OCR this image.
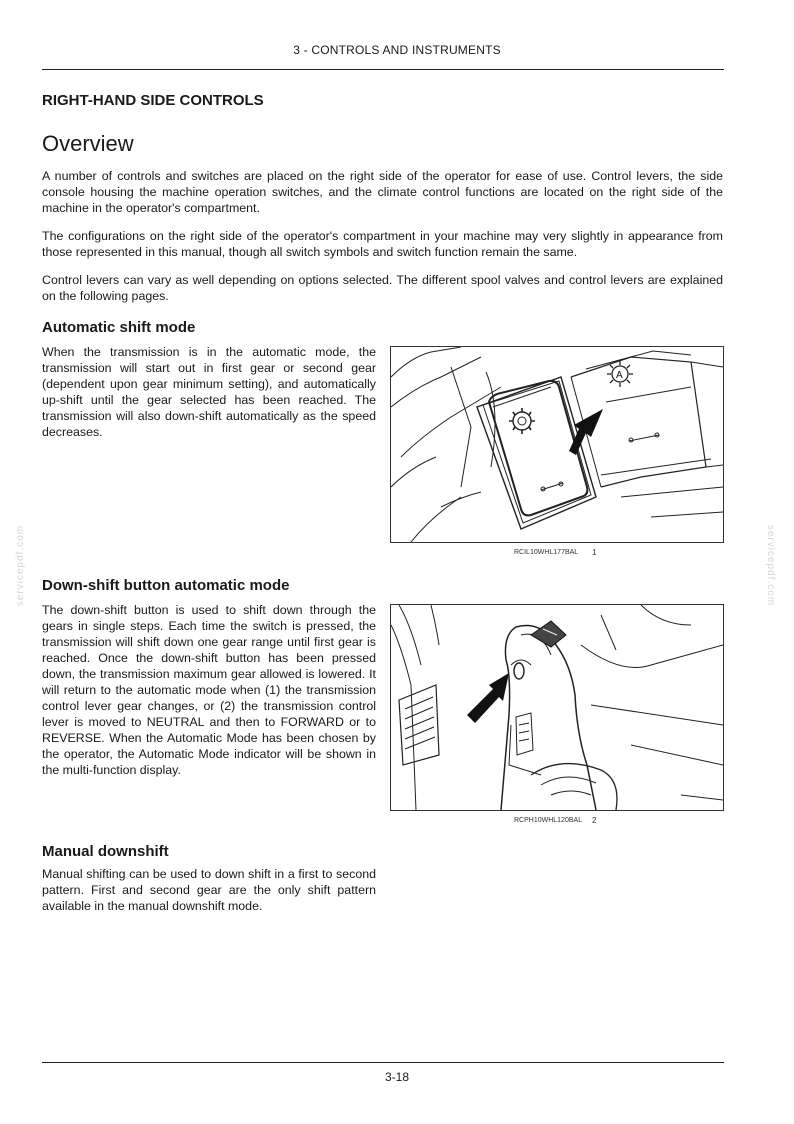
3 - CONTROLS AND INSTRUMENTS
RIGHT-HAND SIDE CONTROLS
Overview

A number of controls and switches are placed on the right side of the operator for ease of use. Control levers, the side console housing the machine operation switches, and the climate control functions are located on the right side of the machine in the operator's compartment.

The configurations on the right side of the operator's compartment in your machine may very slightly in appearance from those represented in this manual, though all switch symbols and switch function remain the same.

Control levers can vary as well depending on options selected. The different spool valves and control levers are explained on the following pages.

Automatic shift mode

When the transmission is in the automatic mode, the transmission will start out in first gear or second gear (dependent upon gear minimum setting), and automatically up-shift until the gear selected has been reached. The transmission will also down-shift automatically as the speed decreases.

A
RCIL10WHL177BAL 1
Down-shift button automatic mode

The down-shift button is used to shift down through the gears in single steps. Each time the switch is pressed, the transmission will shift down one gear range until first gear is reached. Once the down-shift button has been pressed down, the transmission maximum gear allowed is lowered. It will return to the automatic mode when (1) the transmission control lever gear changes, or (2) the transmission control lever is moved to NEUTRAL and then to FORWARD or to REVERSE. When the Automatic Mode has been chosen by the operator, the Automatic Mode indicator will be shown in the multi-function display.

RCPH10WHL120BAL 2
Manual downshift

Manual shifting can be used to down shift in a first to second pattern. First and second gear are the only shift pattern available in the manual downshift mode.

3-18
servicepdf.com	servicepdf.com
